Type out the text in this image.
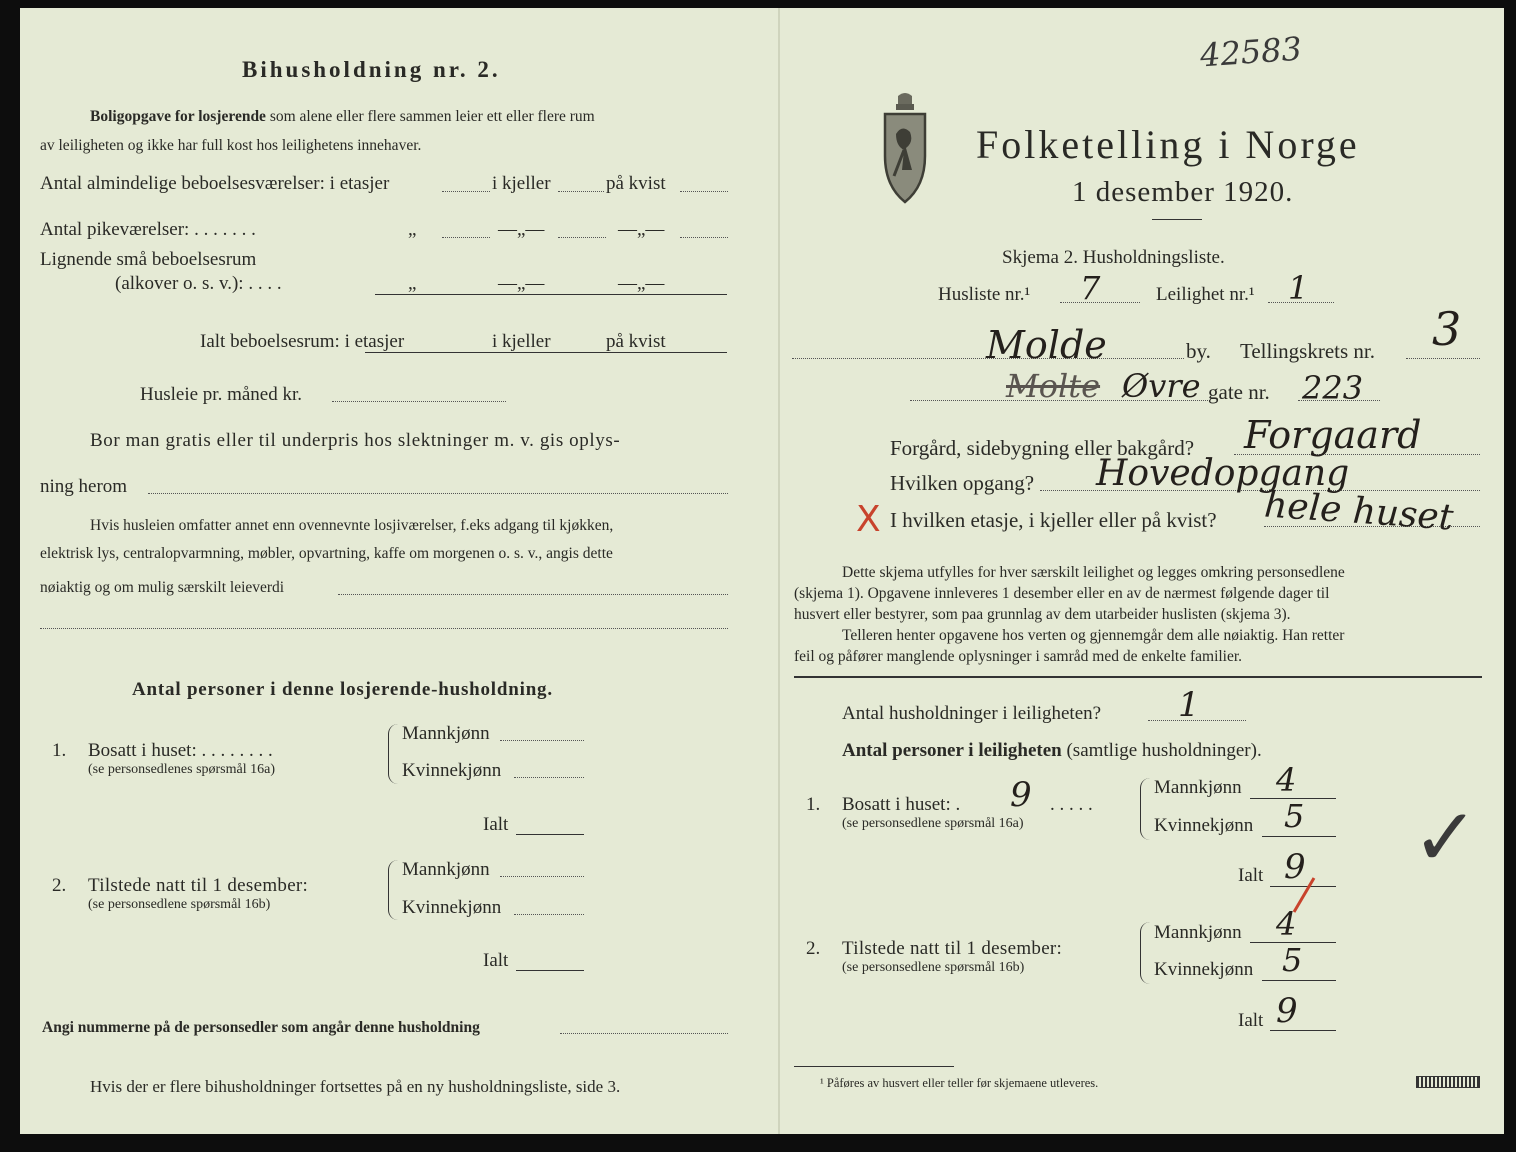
Bihusholdning nr. 2.
Boligopgave for losjerende som alene eller flere sammen leier ett eller flere rum
av leiligheten og ikke har full kost hos leilighetens innehaver.
Antal almindelige beboelsesværelser: i etasjer	i kjeller	på kvist
Antal pikeværelser: . . . . . . .	„	—„—	—„—
Lignende små beboelsesrum
(alkover o. s. v.): . . . .	„	—„—	—„—
Ialt beboelsesrum: i etasjer	i kjeller	på kvist
Husleie pr. måned kr.
Bor man gratis eller til underpris hos slektninger m. v. gis oplys-
ning herom
Hvis husleien omfatter annet enn ovennevnte losjiværelser, f.eks adgang til kjøkken,
elektrisk lys, centralopvarmning, møbler, opvartning, kaffe om morgenen o. s. v., angis dette
nøiaktig og om mulig særskilt leieverdi
Antal personer i denne losjerende-husholdning.
1. Bosatt i huset: . . . . . . . .
(se personsedlenes spørsmål 16a)
Mannkjønn
Kvinnekjønn
Ialt
2. Tilstede natt til 1 desember:
(se personsedlene spørsmål 16b)
Mannkjønn
Kvinnekjønn
Ialt
Angi nummerne på de personsedler som angår denne husholdning
Hvis der er flere bihusholdninger fortsettes på en ny husholdningsliste, side 3.
42583
Folketelling i Norge
1 desember 1920.
Skjema 2. Husholdningsliste.
Husliste nr.¹ 7	Leilighet nr.¹ 1
Molde	by. Tellingskrets nr. 3
Molte Øvre gate nr. 223
Forgård, sidebygning eller bakgård? Forgaard
Hvilken opgang? Hovedopgang
X I hvilken etasje, i kjeller eller på kvist? hele huset
Dette skjema utfylles for hver særskilt leilighet og legges omkring personsedlene
(skjema 1). Opgavene innleveres 1 desember eller en av de nærmest følgende dager til
husvert eller bestyrer, som paa grunnlag av dem utarbeider huslisten (skjema 3).
Telleren henter opgavene hos verten og gjennemgår dem alle nøiaktig. Han retter
feil og påfører manglende oplysninger i samråd med de enkelte familier.
Antal husholdninger i leiligheten? 1
Antal personer i leiligheten (samtlige husholdninger).
1. Bosatt i huset: . 9 . . . . .
(se personsedlene spørsmål 16a)
Mannkjønn 4
Kvinnekjønn 5
Ialt 9
2. Tilstede natt til 1 desember:
(se personsedlene spørsmål 16b)
Mannkjønn 4
Kvinnekjønn 5
Ialt 9
✓
¹ Påføres av husvert eller teller før skjemaene utleveres.
